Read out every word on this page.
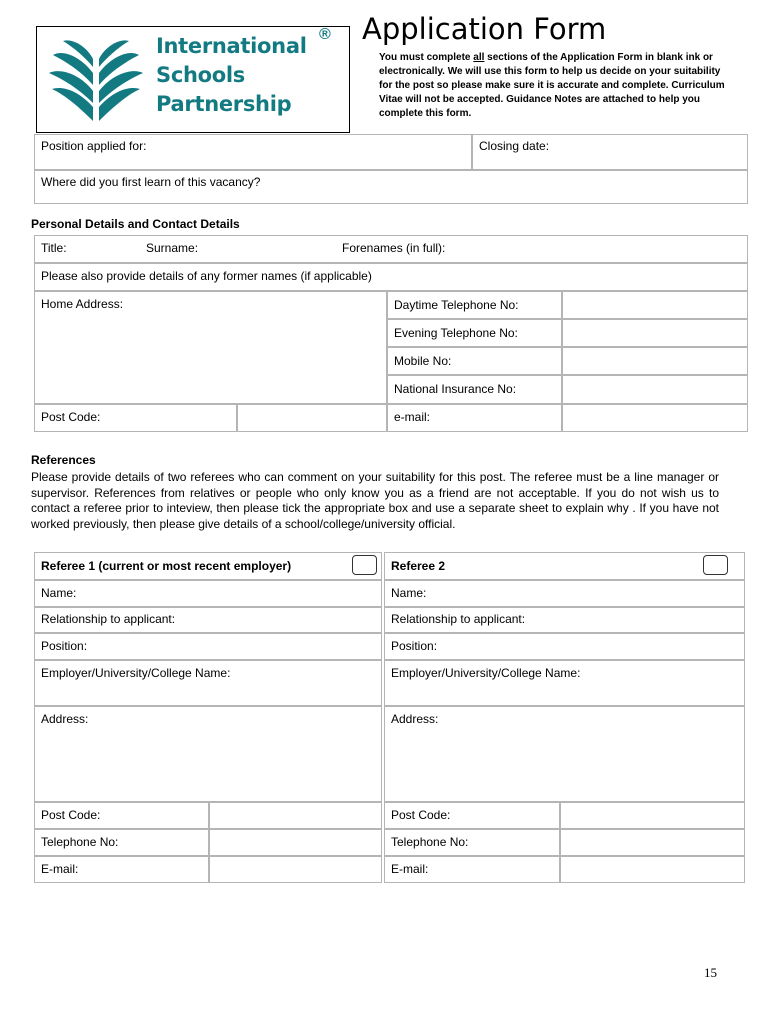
International
Schools
Partnership
® Application Form
You must complete all sections of the Application Form in blank ink or electronically. We will use this form to help us decide on your suitability for the post so please make sure it is accurate and complete. Curriculum Vitae will not be accepted. Guidance Notes are attached to help you complete this form.
Position applied for:	Closing date:
Where did you first learn of this vacancy?
Personal Details and Contact Details
Title:	Surname:	Forenames (in full):
Please also provide details of any former names (if applicable)
Home Address:	Daytime Telephone No:
Evening Telephone No:
Mobile No:
National Insurance No:
Post Code:	e-mail:
References
Please provide details of two referees who can comment on your suitability for this post. The referee must be a line manager or supervisor. References from relatives or people who only know you as a friend are not acceptable. If you do not wish us to contact a referee prior to inteview, then please tick the appropriate box and use a separate sheet to explain why . If you have not worked previously, then please give details of a school/college/university official.
Referee 1 (current or most recent employer)
Name:
Relationship to applicant:
Position:
Employer/University/College Name:
Address:
Post Code:
Telephone No:
E-mail:
Referee 2
Name:
Relationship to applicant:
Position:
Employer/University/College Name:
Address:
Post Code:
Telephone No:
E-mail:
15
